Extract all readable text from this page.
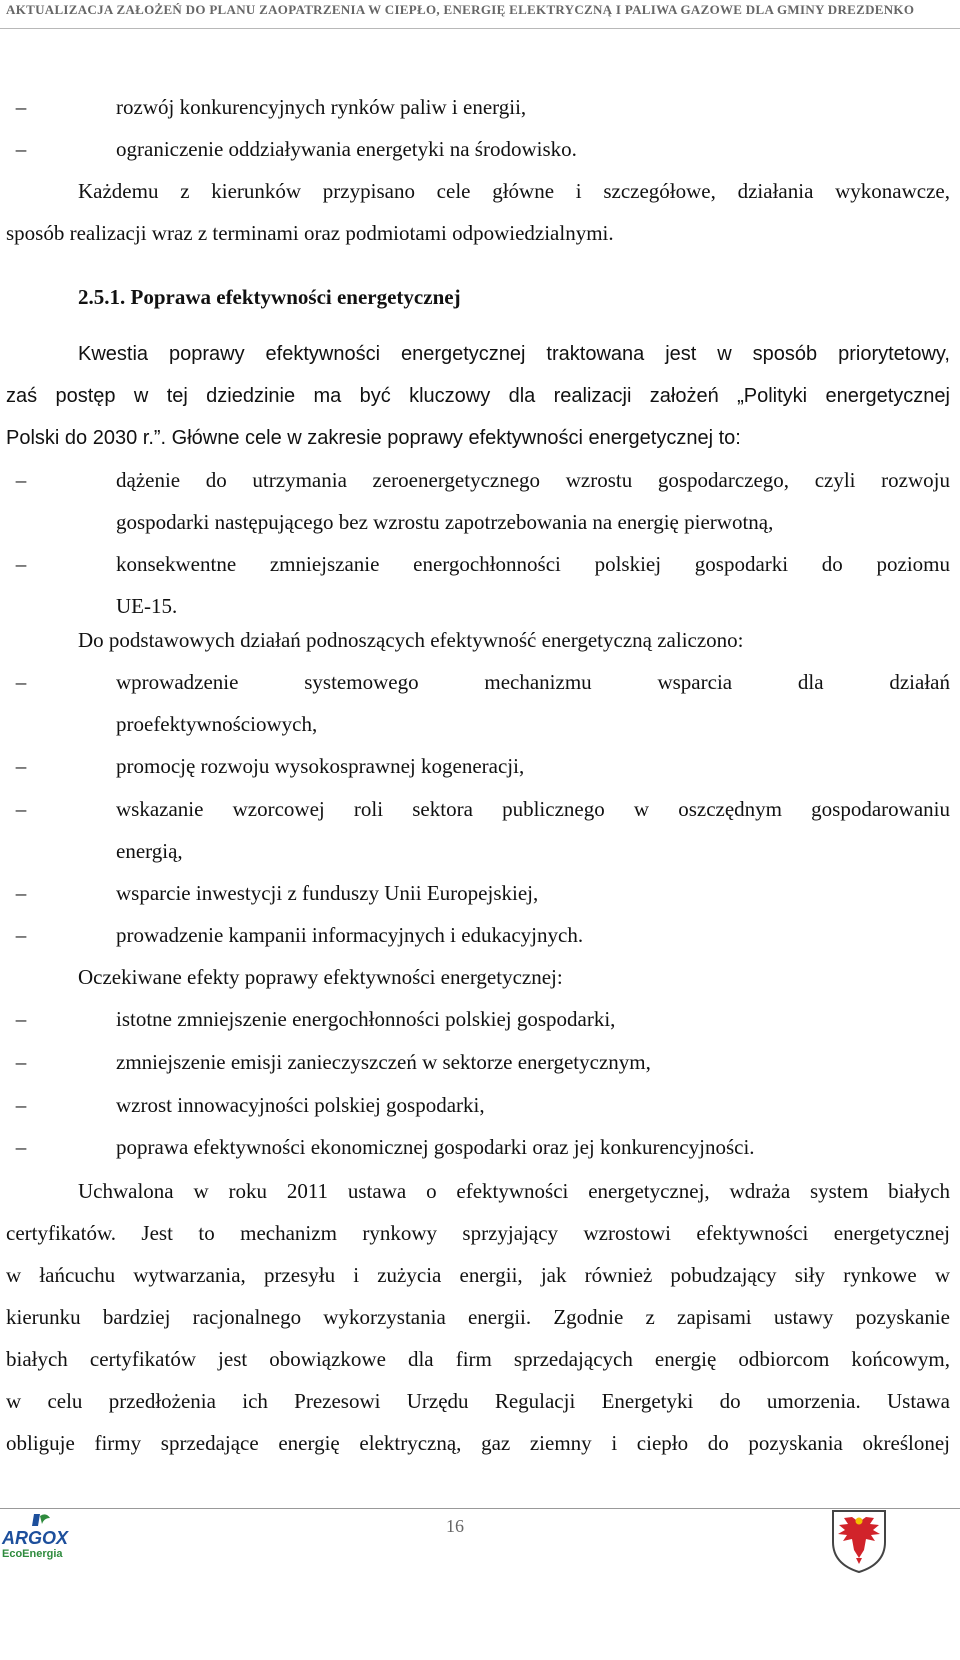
AKTUALIZACJA ZAŁOŻEŃ DO PLANU ZAOPATRZENIA W CIEPŁO, ENERGIĘ ELEKTRYCZNĄ I PALIWA GAZOWE DLA GMINY DREZDENKO
–	rozwój konkurencyjnych rynków paliw i energii,
–	ograniczenie oddziaływania energetyki na środowisko.
Każdemu z kierunków przypisano cele główne i szczegółowe, działania wykonawcze,
sposób realizacji wraz z terminami oraz podmiotami odpowiedzialnymi.
2.5.1. Poprawa efektywności energetycznej
Kwestia poprawy efektywności energetycznej traktowana jest w sposób priorytetowy,
zaś postęp w tej dziedzinie ma być kluczowy dla realizacji założeń „Polityki energetycznej
Polski do 2030 r.”. Główne cele w zakresie poprawy efektywności energetycznej to:
–	dążenie do utrzymania zeroenergetycznego wzrostu gospodarczego, czyli rozwoju
gospodarki następującego bez wzrostu zapotrzebowania na energię pierwotną,
–	konsekwentne zmniejszanie energochłonności polskiej gospodarki do poziomu
UE-15.
Do podstawowych działań podnoszących efektywność energetyczną zaliczono:
–	wprowadzenie systemowego mechanizmu wsparcia dla działań
proefektywnościowych,
–	promocję rozwoju wysokosprawnej kogeneracji,
–	wskazanie wzorcowej roli sektora publicznego w oszczędnym gospodarowaniu
energią,
–	wsparcie inwestycji z funduszy Unii Europejskiej,
–	prowadzenie kampanii informacyjnych i edukacyjnych.
Oczekiwane efekty poprawy efektywności energetycznej:
–	istotne zmniejszenie energochłonności polskiej gospodarki,
–	zmniejszenie emisji zanieczyszczeń w sektorze energetycznym,
–	wzrost innowacyjności polskiej gospodarki,
–	poprawa efektywności ekonomicznej gospodarki oraz jej konkurencyjności.
Uchwalona w roku 2011 ustawa o efektywności energetycznej, wdraża system białych
certyfikatów. Jest to mechanizm rynkowy sprzyjający wzrostowi efektywności energetycznej
w łańcuchu wytwarzania, przesyłu i zużycia energii, jak również pobudzający siły rynkowe w
kierunku bardziej racjonalnego wykorzystania energii. Zgodnie z zapisami ustawy pozyskanie
białych certyfikatów jest obowiązkowe dla firm sprzedających energię odbiorcom końcowym,
w celu przedłożenia ich Prezesowi Urzędu Regulacji Energetyki do umorzenia. Ustawa
obliguje firmy sprzedające energię elektryczną, gaz ziemny i ciepło do pozyskania określonej
ARGOX
EcoEnergia
16
